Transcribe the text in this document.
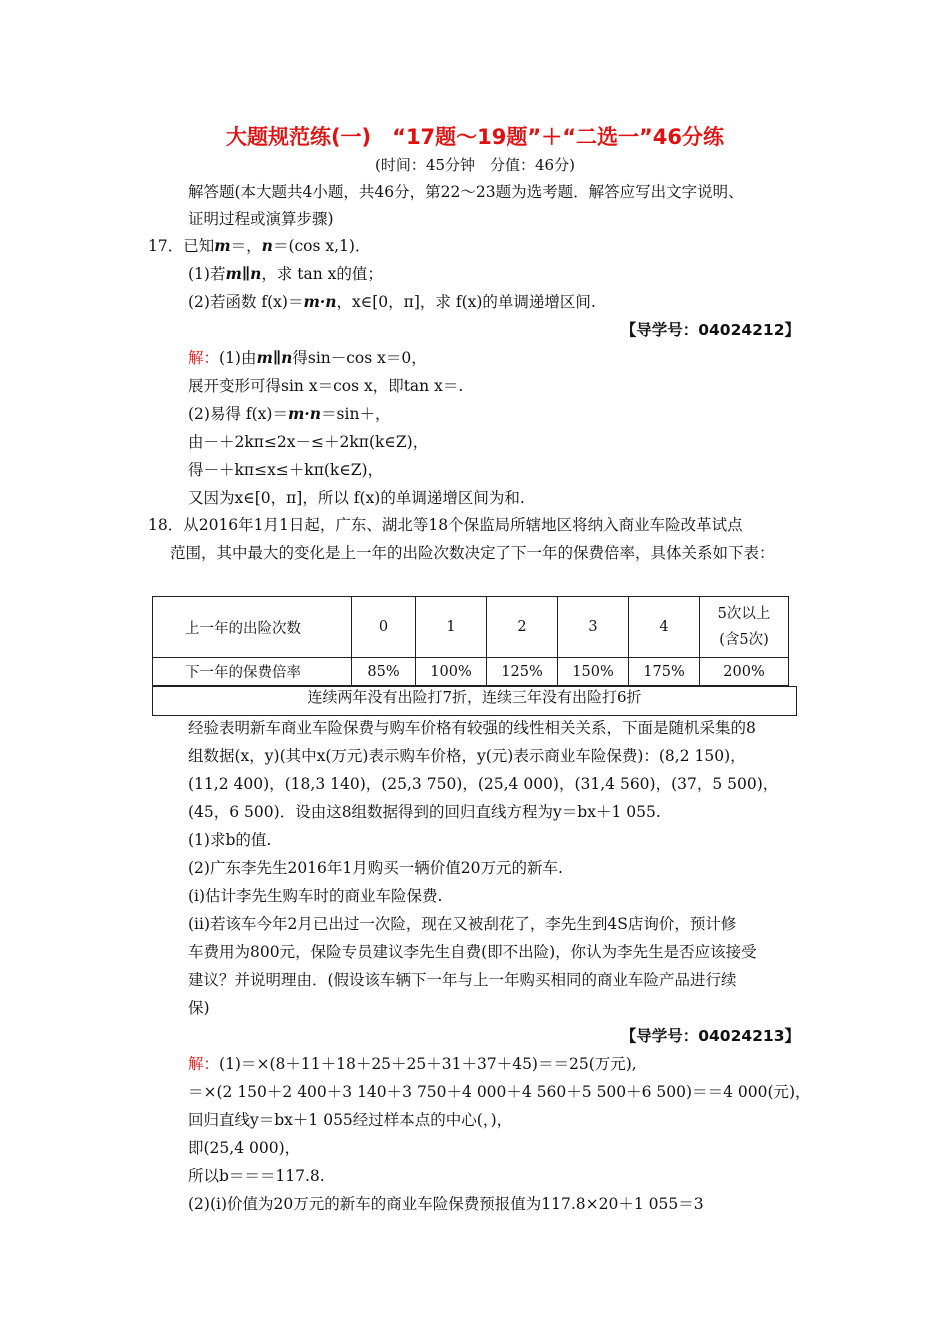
大题规范练(一)　“17题～19题”＋“二选一”46分练
(时间：45分钟　分值：46分)
解答题(本大题共4小题，共46分，第22～23题为选考题．解答应写出文字说明、
证明过程或演算步骤)
17．已知m＝，n＝(cos x,1)．
(1)若m∥n，求 tan x的值；
(2)若函数 f(x)＝m·n，x∈[0，π]，求 f(x)的单调递增区间.
【导学号：04024212】
解：(1)由m∥n得sin－cos x＝0，
展开变形可得sin x＝cos x，即tan x＝.
(2)易得 f(x)＝m·n＝sin＋，
由－＋2kπ≤2x－≤＋2kπ(k∈Z)，
得－＋kπ≤x≤＋kπ(k∈Z)，
又因为x∈[0，π]，所以 f(x)的单调递增区间为和.
18．从2016年1月1日起，广东、湖北等18个保监局所辖地区将纳入商业车险改革试点
范围，其中最大的变化是上一年的出险次数决定了下一年的保费倍率，具体关系如下表：
上一年的出险次数	0	1	2	3	4	5次以上
(含5次)

下一年的保费倍率	85%	100%	125%	150%	175%	200%
连续两年没有出险打7折，连续三年没有出险打6折
经验表明新车商业车险保费与购车价格有较强的线性相关关系，下面是随机采集的8
组数据(x，y)(其中x(万元)表示购车价格，y(元)表示商业车险保费)：(8,2 150)，
(11,2 400)，(18,3 140)，(25,3 750)，(25,4 000)，(31,4 560)，(37，5 500)，
(45，6 500)．设由这8组数据得到的回归直线方程为y＝bx＋1 055.
(1)求b的值.
(2)广东李先生2016年1月购买一辆价值20万元的新车.
(ⅰ)估计李先生购车时的商业车险保费.
(ⅱ)若该车今年2月已出过一次险，现在又被刮花了，李先生到4S店询价，预计修
车费用为800元，保险专员建议李先生自费(即不出险)，你认为李先生是否应该接受
建议？并说明理由．(假设该车辆下一年与上一年购买相同的商业车险产品进行续
保)
【导学号：04024213】
解：(1)＝×(8＋11＋18＋25＋25＋31＋37＋45)＝＝25(万元),
＝×(2 150＋2 400＋3 140＋3 750＋4 000＋4 560＋5 500＋6 500)＝＝4 000(元)，
回归直线y＝bx＋1 055经过样本点的中心(，)，
即(25,4 000)，
所以b＝＝＝117.8.
(2)(ⅰ)价值为20万元的新车的商业车险保费预报值为117.8×20＋1 055＝3
